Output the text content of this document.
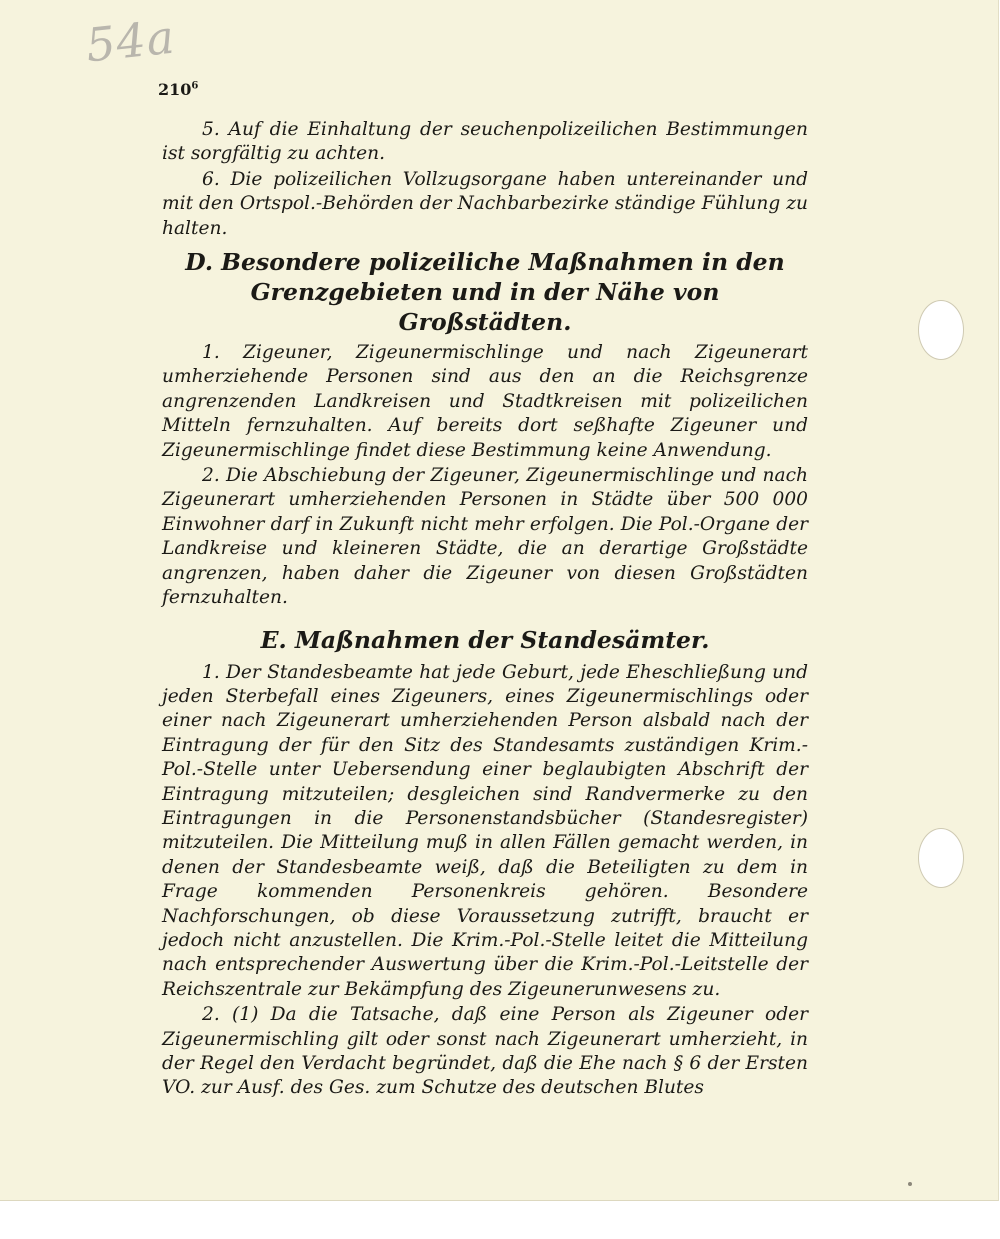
54a
$210^6$

5. Auf die Einhaltung der seuchenpolizeilichen Bestimmungen ist sorgfältig zu achten.

6. Die polizeilichen Vollzugsorgane haben untereinander und mit den Ortspol.-Behörden der Nachbarbezirke ständige Fühlung zu halten.

D. Besondere polizeiliche Maßnahmen in den Grenzgebieten und in der Nähe von Großstädten.

1. Zigeuner, Zigeunermischlinge und nach Zigeunerart umherziehende Personen sind aus den an die Reichsgrenze angrenzenden Landkreisen und Stadtkreisen mit polizeilichen Mitteln fernzuhalten. Auf bereits dort seßhafte Zigeuner und Zigeunermischlinge findet diese Bestimmung keine Anwendung.

2. Die Abschiebung der Zigeuner, Zigeunermischlinge und nach Zigeunerart umherziehenden Personen in Städte über 500 000 Einwohner darf in Zukunft nicht mehr erfolgen. Die Pol.-Organe der Landkreise und kleineren Städte, die an derartige Großstädte angrenzen, haben daher die Zigeuner von diesen Großstädten fernzuhalten.

E. Maßnahmen der Standesämter.

1. Der Standesbeamte hat jede Geburt, jede Eheschließung und jeden Sterbefall eines Zigeuners, eines Zigeunermischlings oder einer nach Zigeunerart umherziehenden Person alsbald nach der Eintragung der für den Sitz des Standesamts zuständigen Krim.-Pol.-Stelle unter Uebersendung einer beglaubigten Abschrift der Eintragung mitzuteilen; desgleichen sind Randvermerke zu den Eintragungen in die Personenstandsbücher (Standesregister) mitzuteilen. Die Mitteilung muß in allen Fällen gemacht werden, in denen der Standesbeamte weiß, daß die Beteiligten zu dem in Frage kommenden Personenkreis gehören. Besondere Nachforschungen, ob diese Voraussetzung zutrifft, braucht er jedoch nicht anzustellen. Die Krim.-Pol.-Stelle leitet die Mitteilung nach entsprechender Auswertung über die Krim.-Pol.-Leitstelle der Reichszentrale zur Bekämpfung des Zigeunerunwesens zu.

2. (1) Da die Tatsache, daß eine Person als Zigeuner oder Zigeunermischling gilt oder sonst nach Zigeunerart umherzieht, in der Regel den Verdacht begründet, daß die Ehe nach § 6 der Ersten VO. zur Ausf. des Ges. zum Schutze des deutschen Blutes
